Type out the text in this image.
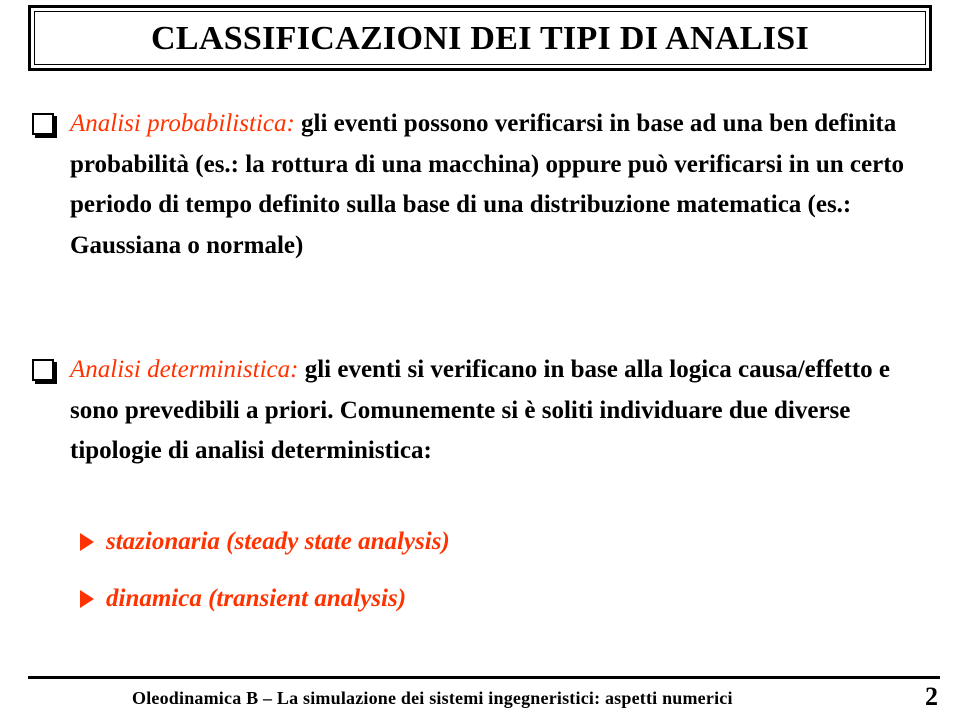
CLASSIFICAZIONI DEI TIPI DI ANALISI
Analisi probabilistica: gli eventi possono verificarsi in base ad una ben definita probabilità (es.: la rottura di una macchina) oppure può verificarsi in un certo periodo di tempo definito sulla base di una distribuzione matematica (es.: Gaussiana o normale)
Analisi deterministica: gli eventi si verificano in base alla logica causa/effetto e sono prevedibili a priori. Comunemente si è soliti individuare due diverse tipologie di analisi deterministica:
stazionaria (steady state analysis)
dinamica (transient analysis)
Oleodinamica B – La simulazione dei sistemi ingegneristici: aspetti numerici	2
